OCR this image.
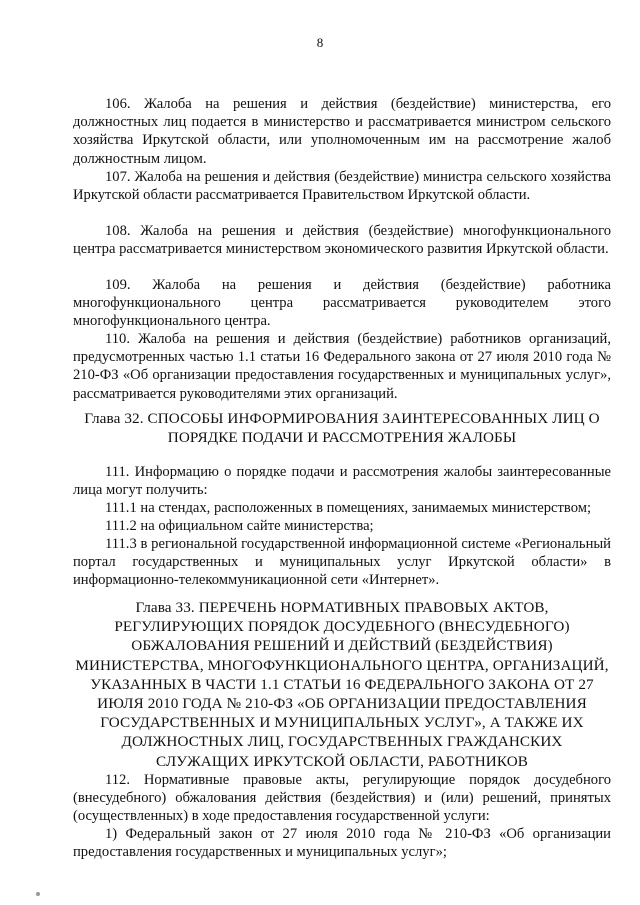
8
106. Жалоба на решения и действия (бездействие) министерства, его должностных лиц подается в министерство и рассматривается министром сельского хозяйства Иркутской области, или уполномоченным им на рассмотрение жалоб должностным лицом.
107. Жалоба на решения и действия (бездействие) министра сельского хозяйства Иркутской области рассматривается Правительством Иркутской области.
108. Жалоба на решения и действия (бездействие) многофункционального центра рассматривается министерством экономического развития Иркутской области.
109. Жалоба на решения и действия (бездействие) работника многофункционального центра рассматривается руководителем этого многофункционального центра.
110. Жалоба на решения и действия (бездействие) работников организаций, предусмотренных частью 1.1 статьи 16 Федерального закона от 27 июля 2010 года № 210-ФЗ «Об организации предоставления государственных и муниципальных услуг», рассматривается руководителями этих организаций.
Глава 32. СПОСОБЫ ИНФОРМИРОВАНИЯ ЗАИНТЕРЕСОВАННЫХ ЛИЦ О ПОРЯДКЕ ПОДАЧИ И РАССМОТРЕНИЯ ЖАЛОБЫ
111. Информацию о порядке подачи и рассмотрения жалобы заинтересованные лица могут получить:
111.1 на стендах, расположенных в помещениях, занимаемых министерством;
111.2 на официальном сайте министерства;
111.3 в региональной государственной информационной системе «Региональный портал государственных и муниципальных услуг Иркутской области» в информационно-телекоммуникационной сети «Интернет».
Глава 33. ПЕРЕЧЕНЬ НОРМАТИВНЫХ ПРАВОВЫХ АКТОВ, РЕГУЛИРУЮЩИХ ПОРЯДОК ДОСУДЕБНОГО (ВНЕСУДЕБНОГО) ОБЖАЛОВАНИЯ РЕШЕНИЙ И ДЕЙСТВИЙ (БЕЗДЕЙСТВИЯ) МИНИСТЕРСТВА, МНОГОФУНКЦИОНАЛЬНОГО ЦЕНТРА, ОРГАНИЗАЦИЙ, УКАЗАННЫХ В ЧАСТИ 1.1 СТАТЬИ 16 ФЕДЕРАЛЬНОГО ЗАКОНА ОТ 27 ИЮЛЯ 2010 ГОДА № 210-ФЗ «ОБ ОРГАНИЗАЦИИ ПРЕДОСТАВЛЕНИЯ ГОСУДАРСТВЕННЫХ И МУНИЦИПАЛЬНЫХ УСЛУГ», А ТАКЖЕ ИХ ДОЛЖНОСТНЫХ ЛИЦ, ГОСУДАРСТВЕННЫХ ГРАЖДАНСКИХ СЛУЖАЩИХ ИРКУТСКОЙ ОБЛАСТИ, РАБОТНИКОВ
112. Нормативные правовые акты, регулирующие порядок досудебного (внесудебного) обжалования действия (бездействия) и (или) решений, принятых (осуществленных) в ходе предоставления государственной услуги:
1) Федеральный закон от 27 июля 2010 года № 210-ФЗ «Об организации предоставления государственных и муниципальных услуг»;
